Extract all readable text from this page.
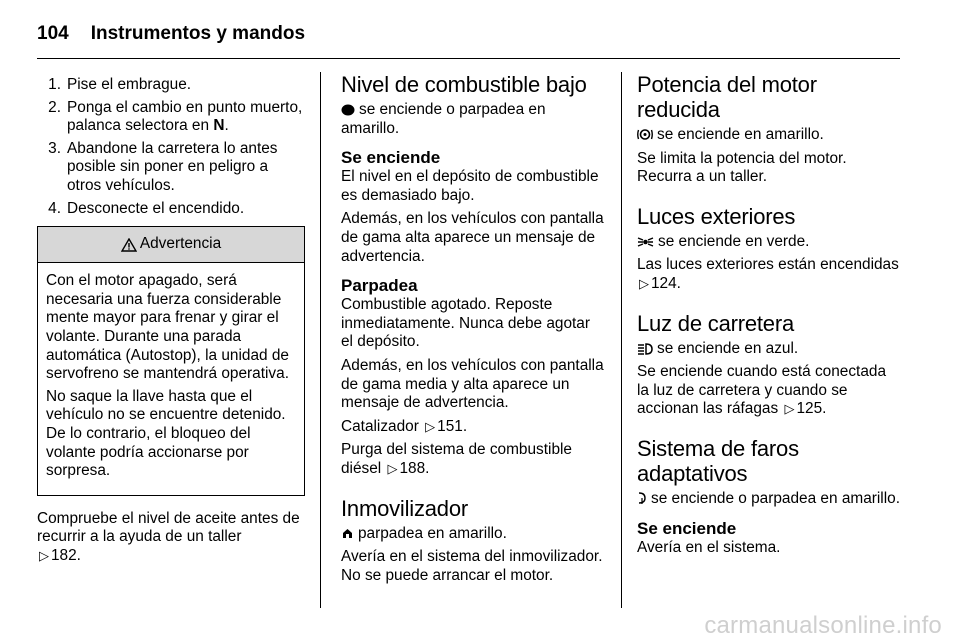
104 Instrumentos y mandos
1. Pise el embrague.
2. Ponga el cambio en punto muerto, palanca selectora en N.
3. Abandone la carretera lo antes posible sin poner en peligro a otros vehículos.
4. Desconecte el encendido.
Advertencia

Con el motor apagado, será necesaria una fuerza considerable mente mayor para frenar y girar el volante. Durante una parada automática (Autostop), la unidad de servofreno se mantendrá operativa.

No saque la llave hasta que el vehículo no se encuentre detenido. De lo contrario, el bloqueo del volante podría accionarse por sorpresa.

Compruebe el nivel de aceite antes de recurrir a la ayuda de un taller
▷ 182.

Nivel de combustible bajo

se enciende o parpadea en amarillo.

Se enciende

El nivel en el depósito de combustible es demasiado bajo.

Además, en los vehículos con pantalla de gama alta aparece un mensaje de advertencia.

Parpadea

Combustible agotado. Reposte inmediatamente. Nunca debe agotar el depósito.

Además, en los vehículos con pantalla de gama media y alta aparece un mensaje de advertencia.

Catalizador ▷ 151.

Purga del sistema de combustible diésel ▷ 188.

Inmovilizador

parpadea en amarillo.

Avería en el sistema del inmovilizador. No se puede arrancar el motor.

Potencia del motor reducida

se enciende en amarillo.

Se limita la potencia del motor. Recurra a un taller.

Luces exteriores

se enciende en verde.

Las luces exteriores están encendidas ▷ 124.

Luz de carretera

se enciende en azul.

Se enciende cuando está conectada la luz de carretera y cuando se accionan las ráfagas ▷ 125.

Sistema de faros adaptativos

se enciende o parpadea en amarillo.

Se enciende

Avería en el sistema.

carmanualsonline.info
